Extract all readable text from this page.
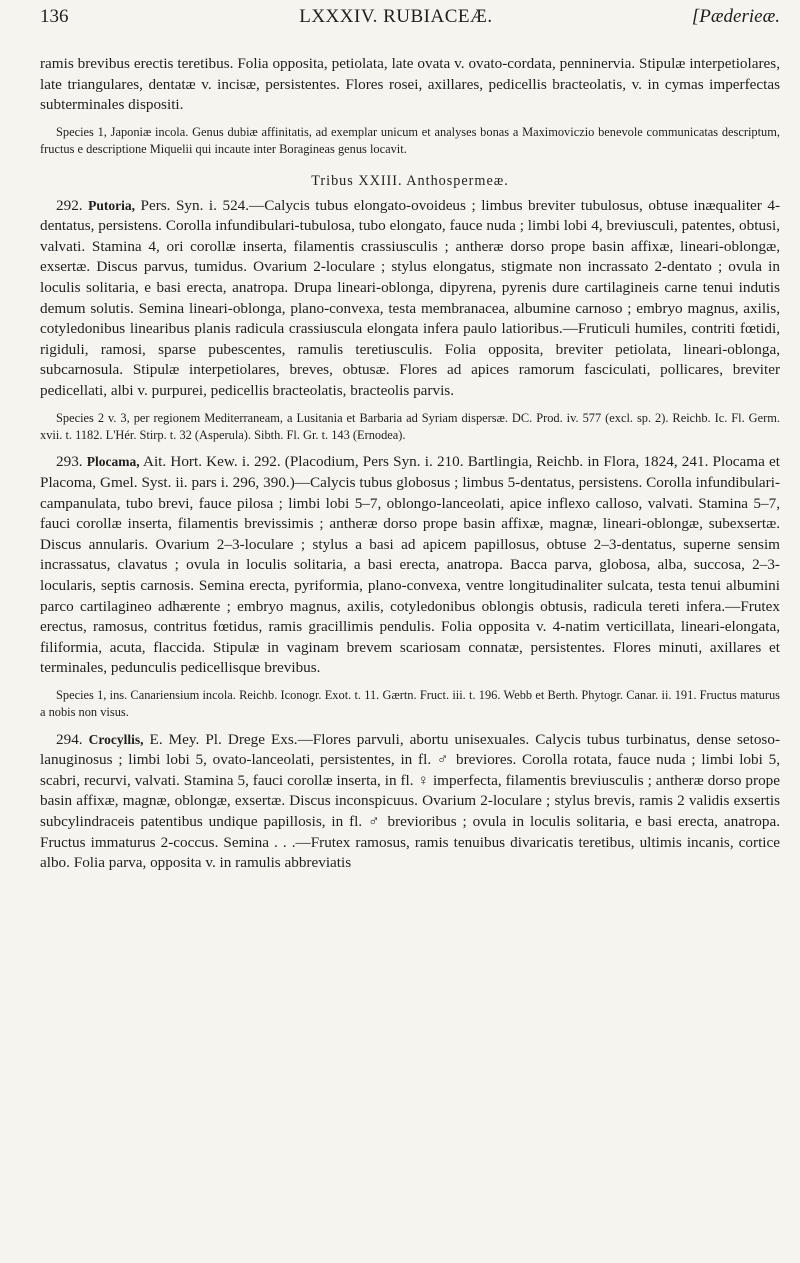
136	LXXXIV. RUBIACEÆ.	[Pæderieæ.

ramis brevibus erectis teretibus. Folia opposita, petiolata, late ovata v. ovato-cordata, penninervia. Stipulæ interpetiolares, late triangulares, dentatæ v. incisæ, persistentes. Flores rosei, axillares, pedicellis bracteolatis, v. in cymas imperfectas subterminales dispositi.

Species 1, Japoniæ incola. Genus dubiæ affinitatis, ad exemplar unicum et analyses bonas a Maximoviczio benevole communicatas descriptum, fructus e descriptione Miquelii qui incaute inter Boragineas genus locavit.

Tribus XXIII. Anthospermeæ.

292. Putoria, Pers. Syn. i. 524.—Calycis tubus elongato-ovoideus ; limbus breviter tubulosus, obtuse inæqualiter 4-dentatus, persistens. Corolla infundibulari-tubulosa, tubo elongato, fauce nuda ; limbi lobi 4, breviusculi, patentes, obtusi, valvati. Stamina 4, ori corollæ inserta, filamentis crassiusculis ; antheræ dorso prope basin affixæ, lineari-oblongæ, exsertæ. Discus parvus, tumidus. Ovarium 2-loculare ; stylus elongatus, stigmate non incrassato 2-dentato ; ovula in loculis solitaria, e basi erecta, anatropa. Drupa lineari-oblonga, dipyrena, pyrenis dure cartilagineis carne tenui indutis demum solutis. Semina lineari-oblonga, plano-convexa, testa membranacea, albumine carnoso ; embryo magnus, axilis, cotyledonibus linearibus planis radicula crassiuscula elongata infera paulo latioribus.—Fruticuli humiles, contriti fœtidi, rigiduli, ramosi, sparse pubescentes, ramulis teretiusculis. Folia opposita, breviter petiolata, lineari-oblonga, subcarnosula. Stipulæ interpetiolares, breves, obtusæ. Flores ad apices ramorum fasciculati, pollicares, breviter pedicellati, albi v. purpurei, pedicellis bracteolatis, bracteolis parvis.

Species 2 v. 3, per regionem Mediterraneam, a Lusitania et Barbaria ad Syriam dispersæ. DC. Prod. iv. 577 (excl. sp. 2). Reichb. Ic. Fl. Germ. xvii. t. 1182. L'Hér. Stirp. t. 32 (Asperula). Sibth. Fl. Gr. t. 143 (Ernodea).

293. Plocama, Ait. Hort. Kew. i. 292. (Placodium, Pers Syn. i. 210. Bartlingia, Reichb. in Flora, 1824, 241. Plocama et Placoma, Gmel. Syst. ii. pars i. 296, 390.)—Calycis tubus globosus ; limbus 5-dentatus, persistens. Corolla infundibulari-campanulata, tubo brevi, fauce pilosa ; limbi lobi 5–7, oblongo-lanceolati, apice inflexo calloso, valvati. Stamina 5–7, fauci corollæ inserta, filamentis brevissimis ; antheræ dorso prope basin affixæ, magnæ, lineari-oblongæ, subexsertæ. Discus annularis. Ovarium 2–3-loculare ; stylus a basi ad apicem papillosus, obtuse 2–3-dentatus, superne sensim incrassatus, clavatus ; ovula in loculis solitaria, a basi erecta, anatropa. Bacca parva, globosa, alba, succosa, 2–3-locularis, septis carnosis. Semina erecta, pyriformia, plano-convexa, ventre longitudinaliter sulcata, testa tenui albumini parco cartilagineo adhærente ; embryo magnus, axilis, cotyledonibus oblongis obtusis, radicula tereti infera.—Frutex erectus, ramosus, contritus fœtidus, ramis gracillimis pendulis. Folia opposita v. 4-natim verticillata, lineari-elongata, filiformia, acuta, flaccida. Stipulæ in vaginam brevem scariosam connatæ, persistentes. Flores minuti, axillares et terminales, pedunculis pedicellisque brevibus.

Species 1, ins. Canariensium incola. Reichb. Iconogr. Exot. t. 11. Gærtn. Fruct. iii. t. 196. Webb et Berth. Phytogr. Canar. ii. 191. Fructus maturus a nobis non visus.

294. Crocyllis, E. Mey. Pl. Drege Exs.—Flores parvuli, abortu unisexuales. Calycis tubus turbinatus, dense setoso-lanuginosus ; limbi lobi 5, ovato-lanceolati, persistentes, in fl. ♂ breviores. Corolla rotata, fauce nuda ; limbi lobi 5, scabri, recurvi, valvati. Stamina 5, fauci corollæ inserta, in fl. ♀ imperfecta, filamentis breviusculis ; antheræ dorso prope basin affixæ, magnæ, oblongæ, exsertæ. Discus inconspicuus. Ovarium 2-loculare ; stylus brevis, ramis 2 validis exsertis subcylindraceis patentibus undique papillosis, in fl. ♂ brevioribus ; ovula in loculis solitaria, e basi erecta, anatropa. Fructus immaturus 2-coccus. Semina . . .—Frutex ramosus, ramis tenuibus divaricatis teretibus, ultimis incanis, cortice albo. Folia parva, opposita v. in ramulis abbreviatis
